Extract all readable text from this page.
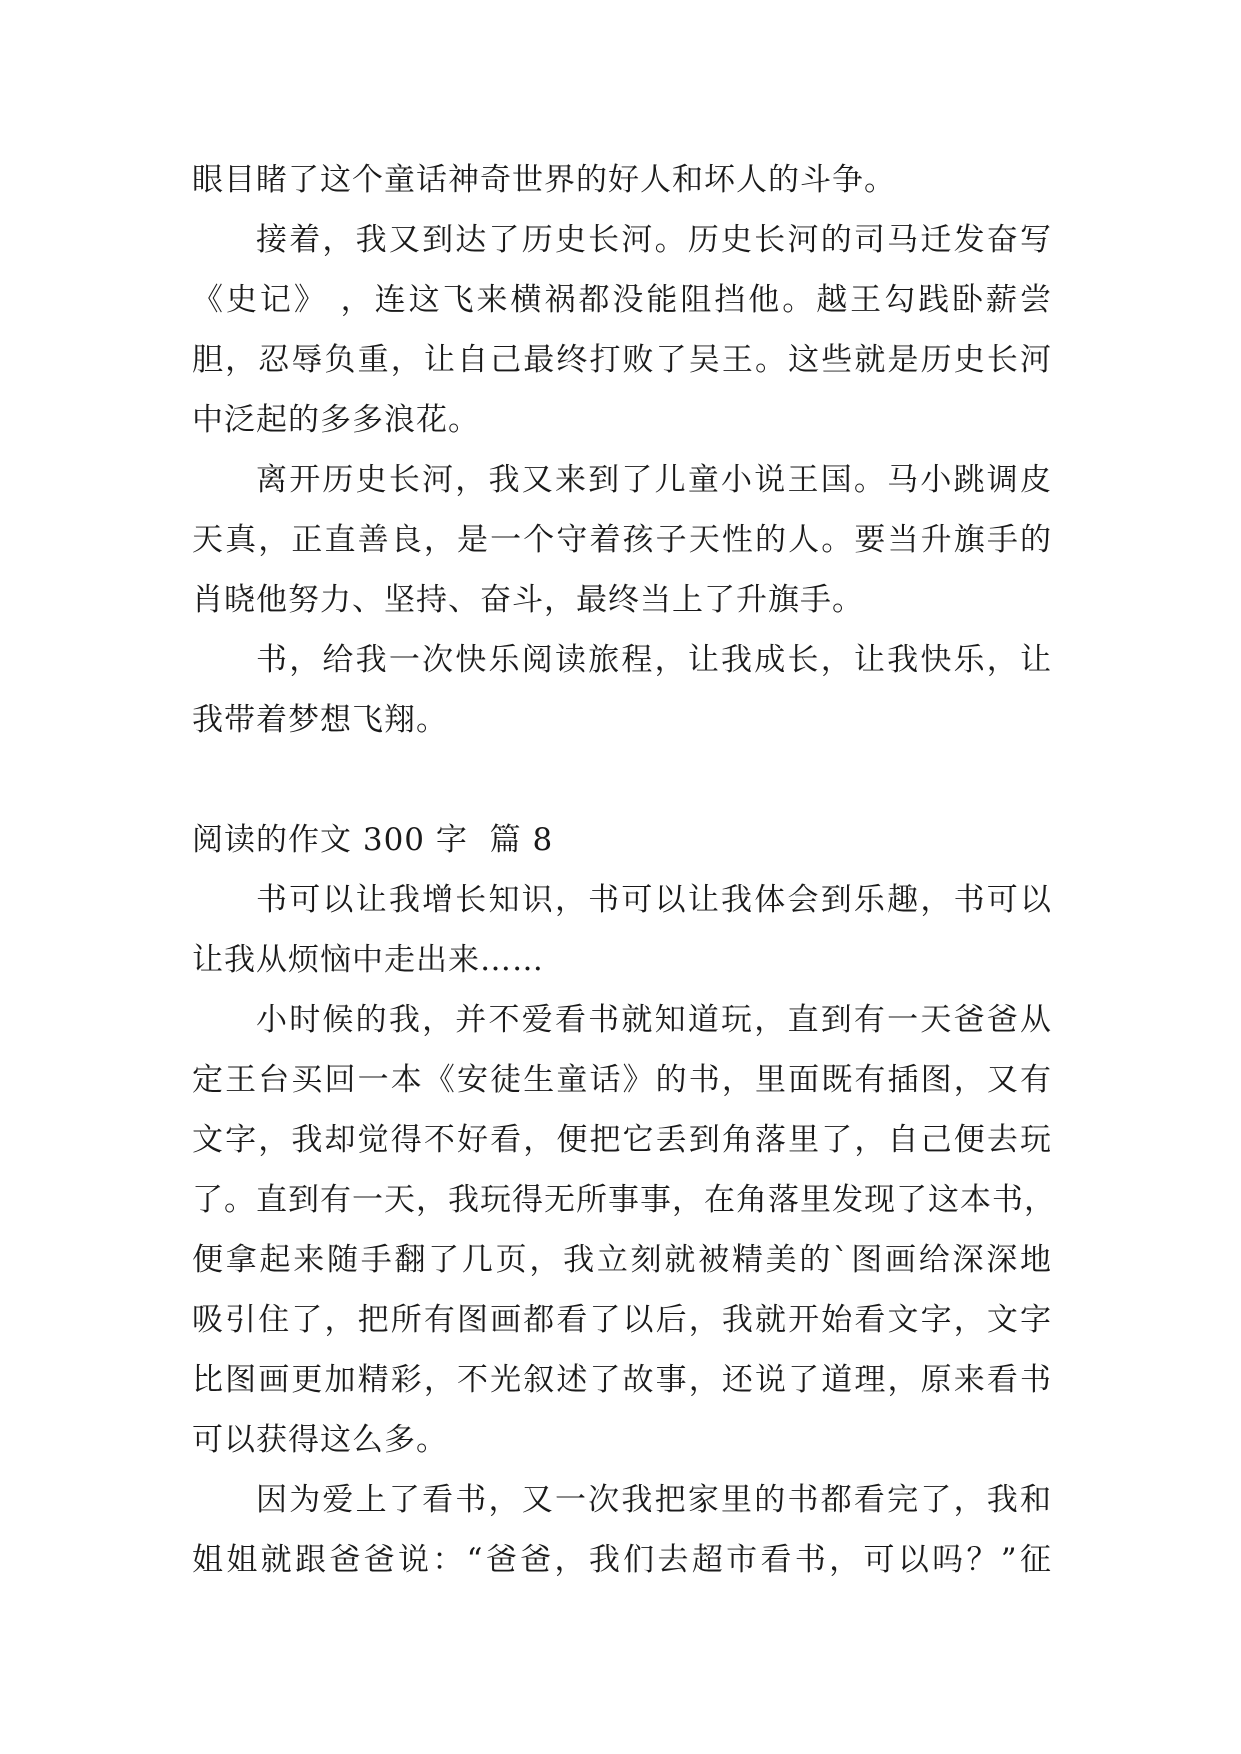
眼目睹了这个童话神奇世界的好人和坏人的斗争。
接着，我又到达了历史长河。历史长河的司马迁发奋写
《史记》 ，连这飞来横祸都没能阻挡他。越王勾践卧薪尝
胆，忍辱负重，让自己最终打败了吴王。这些就是历史长河
中泛起的多多浪花。
离开历史长河，我又来到了儿童小说王国。马小跳调皮
天真，正直善良，是一个守着孩子天性的人。要当升旗手的
肖晓他努力、坚持、奋斗，最终当上了升旗手。
书，给我一次快乐阅读旅程，让我成长，让我快乐，让
我带着梦想飞翔。
阅读的作文 300 字  篇 8
书可以让我增长知识，书可以让我体会到乐趣，书可以
让我从烦恼中走出来……
小时候的我，并不爱看书就知道玩，直到有一天爸爸从
定王台买回一本《安徒生童话》的书，里面既有插图，又有
文字，我却觉得不好看，便把它丢到角落里了，自己便去玩
了。直到有一天，我玩得无所事事，在角落里发现了这本书，
便拿起来随手翻了几页，我立刻就被精美的`图画给深深地
吸引住了，把所有图画都看了以后，我就开始看文字，文字
比图画更加精彩，不光叙述了故事，还说了道理，原来看书
可以获得这么多。
因为爱上了看书，又一次我把家里的书都看完了，我和
姐姐就跟爸爸说：“爸爸，我们去超市看书，可以吗？”征
